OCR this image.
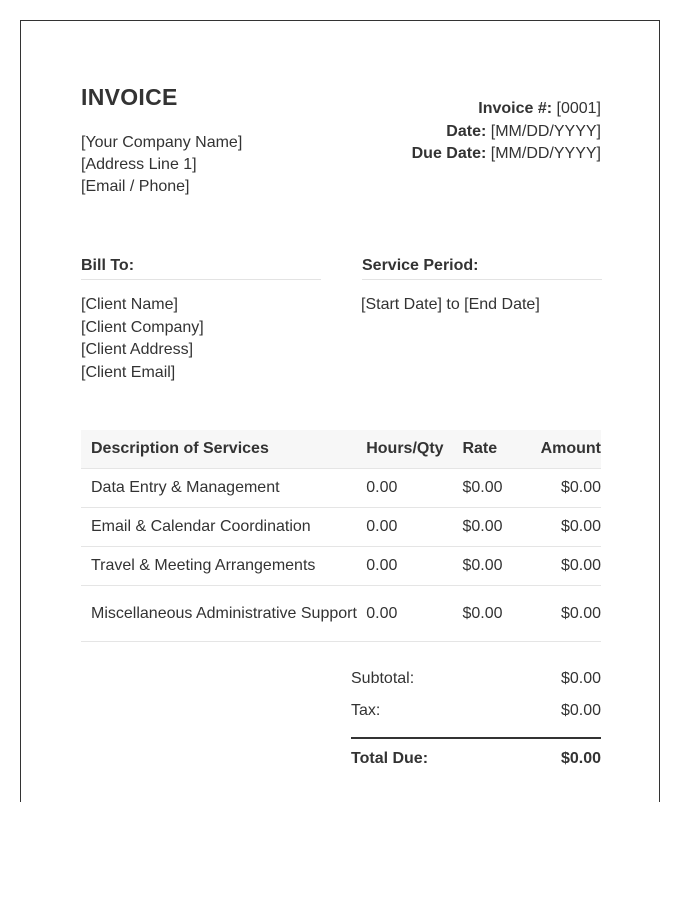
INVOICE
[Your Company Name]
[Address Line 1]
[Email / Phone]
Invoice #: [0001]
Date: [MM/DD/YYYY]
Due Date: [MM/DD/YYYY]
Bill To:	Service Period:
[Client Name]
[Client Company]
[Client Address]
[Client Email]
[Start Date] to [End Date]
Description of Services	Hours/Qty	Rate	Amount
Data Entry & Management	0.00	$0.00	$0.00
Email & Calendar Coordination	0.00	$0.00	$0.00
Travel & Meeting Arrangements	0.00	$0.00	$0.00
Miscellaneous Administrative Support	0.00	$0.00	$0.00
Subtotal:	$0.00
Tax:	$0.00
Total Due:	$0.00
